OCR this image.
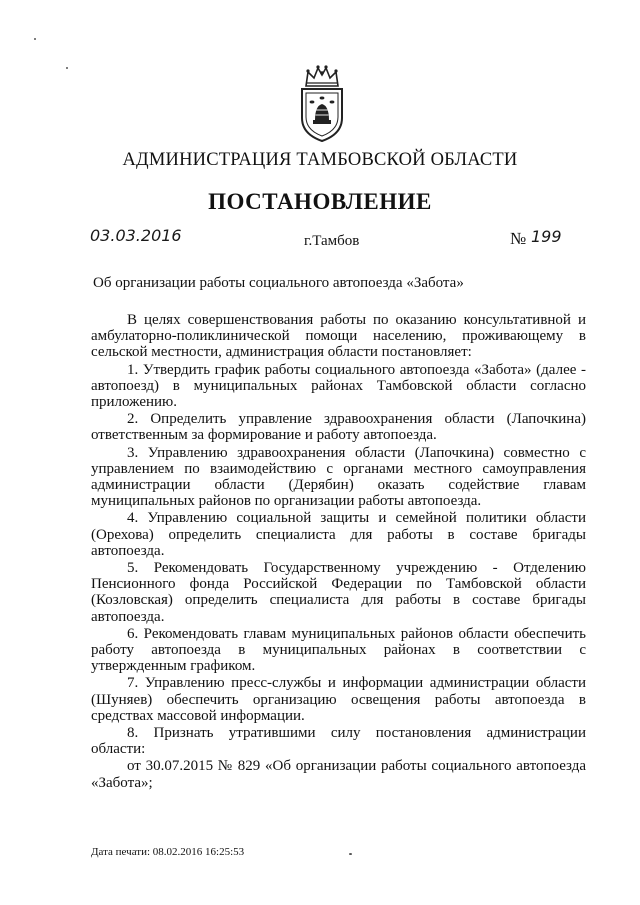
АДМИНИСТРАЦИЯ ТАМБОВСКОЙ ОБЛАСТИ
ПОСТАНОВЛЕНИЕ
03.03.2016	г.Тамбов	№ 199
Об организации работы социального автопоезда «Забота»

В целях совершенствования работы по оказанию консультативной и амбулаторно-поликлинической помощи населению, проживающему в сельской местности, администрация области постановляет:

1. Утвердить график работы социального автопоезда «Забота» (далее - автопоезд) в муниципальных районах Тамбовской области согласно приложению.

2. Определить управление здравоохранения области (Лапочкина) ответственным за формирование и работу автопоезда.

3. Управлению здравоохранения области (Лапочкина) совместно с управлением по взаимодействию с органами местного самоуправления администрации области (Дерябин) оказать содействие главам муниципальных районов по организации работы автопоезда.

4. Управлению социальной защиты и семейной политики области (Орехова) определить специалиста для работы в составе бригады автопоезда.

5. Рекомендовать Государственному учреждению - Отделению Пенсионного фонда Российской Федерации по Тамбовской области (Козловская) определить специалиста для работы в составе бригады автопоезда.

6. Рекомендовать главам муниципальных районов области обеспечить работу автопоезда в муниципальных районах в соответствии с утвержденным графиком.

7. Управлению пресс-службы и информации администрации области (Шуняев) обеспечить организацию освещения работы автопоезда в средствах массовой информации.

8. Признать утратившими силу постановления администрации области:

от 30.07.2015 № 829 «Об организации работы социального автопоезда «Забота»;

Дата печати: 08.02.2016 16:25:53
